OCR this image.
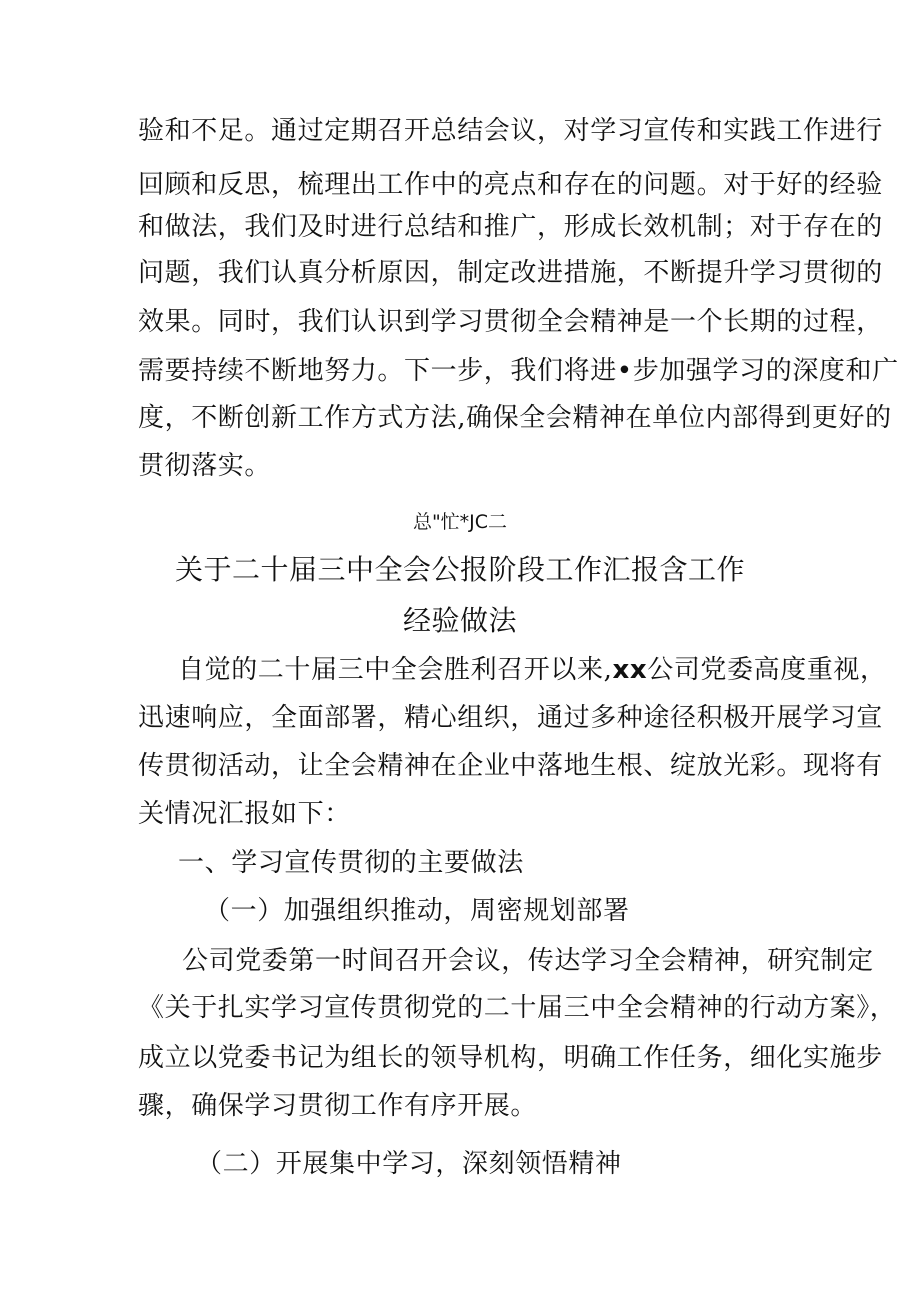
验和不足。通过定期召开总结会议，对学习宣传和实践工作进行
回顾和反思，梳理出工作中的亮点和存在的问题。对于好的经验
和做法，我们及时进行总结和推广，形成长效机制；对于存在的
问题，我们认真分析原因，制定改进措施，不断提升学习贯彻的
效果。同时，我们认识到学习贯彻全会精神是一个长期的过程，
需要持续不断地努力。下一步，我们将进•步加强学习的深度和广
度，不断创新工作方式方法,确保全会精神在单位内部得到更好的
贯彻落实。
总"忙*JC二
关于二十届三中全会公报阶段工作汇报含工作
经验做法
自觉的二十届三中全会胜利召开以来,xx公司党委高度重视，
迅速响应，全面部署，精心组织，通过多种途径积极开展学习宣
传贯彻活动，让全会精神在企业中落地生根、绽放光彩。现将有
关情况汇报如下：
一、学习宣传贯彻的主要做法
（一）加强组织推动，周密规划部署
公司党委第一时间召开会议，传达学习全会精神，研究制定
《关于扎实学习宣传贯彻党的二十届三中全会精神的行动方案》，
成立以党委书记为组长的领导机构，明确工作任务，细化实施步
骤，确保学习贯彻工作有序开展。
（二）开展集中学习，深刻领悟精神
